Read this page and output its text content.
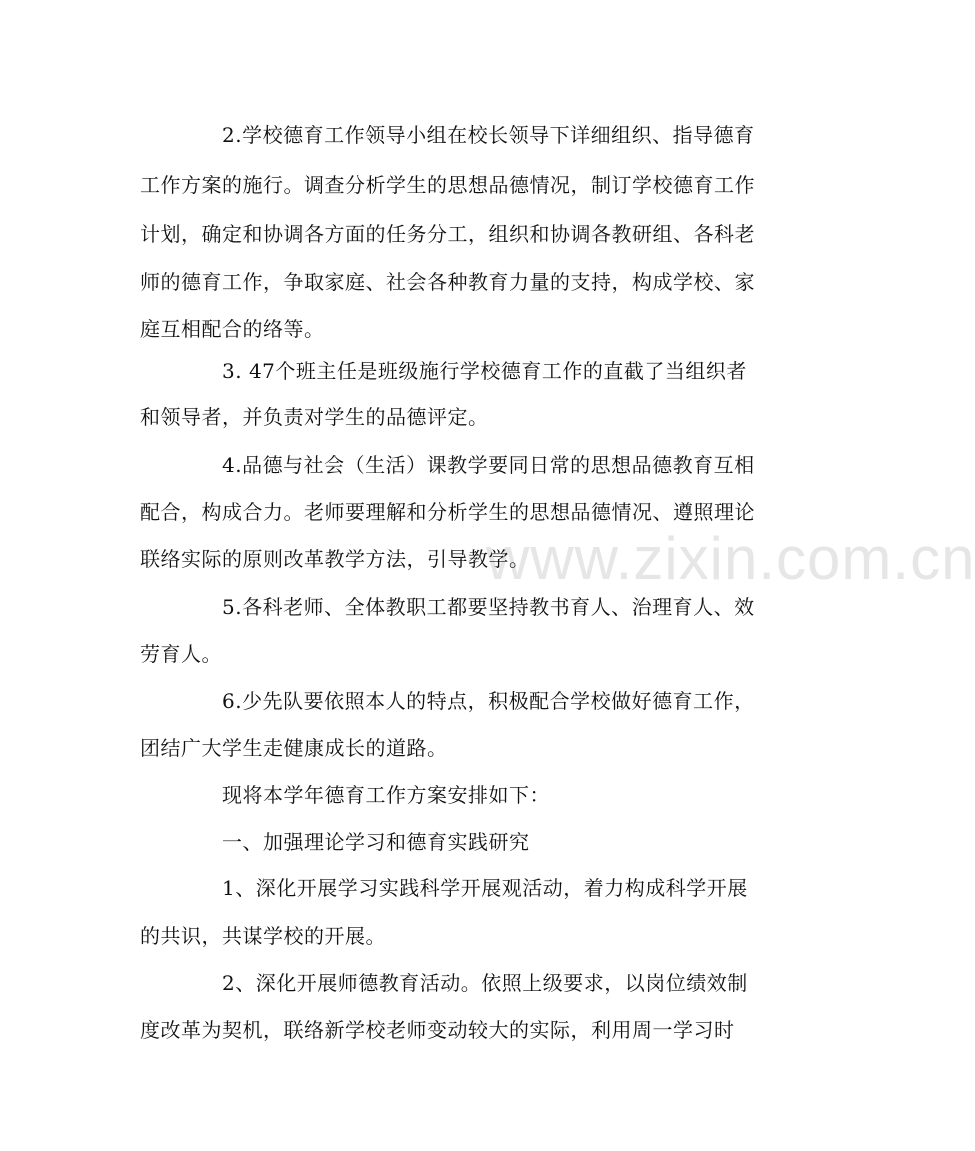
www.zixin.com.cn
2.学校德育工作领导小组在校长领导下详细组织、指导德育
工作方案的施行。调查分析学生的思想品德情况，制订学校德育工作
计划，确定和协调各方面的任务分工，组织和协调各教研组、各科老
师的德育工作，争取家庭、社会各种教育力量的支持，构成学校、家
庭互相配合的络等。
3. 47个班主任是班级施行学校德育工作的直截了当组织者
和领导者，并负责对学生的品德评定。
4.品德与社会（生活）课教学要同日常的思想品德教育互相
配合，构成合力。老师要理解和分析学生的思想品德情况、遵照理论
联络实际的原则改革教学方法，引导教学。
5.各科老师、全体教职工都要坚持教书育人、治理育人、效
劳育人。
6.少先队要依照本人的特点，积极配合学校做好德育工作，
团结广大学生走健康成长的道路。
现将本学年德育工作方案安排如下：
一、加强理论学习和德育实践研究
1、深化开展学习实践科学开展观活动，着力构成科学开展
的共识，共谋学校的开展。
2、深化开展师德教育活动。依照上级要求，以岗位绩效制
度改革为契机，联络新学校老师变动较大的实际，利用周一学习时
